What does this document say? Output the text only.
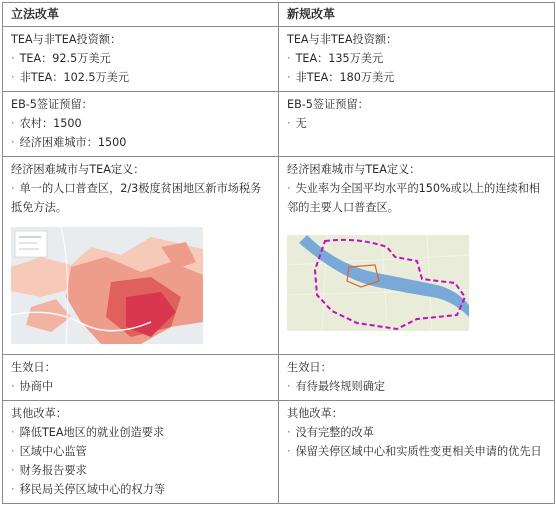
立法改革	新规改革

TEA与非TEA投资额：
· TEA：92.5万美元
· 非TEA：102.5万美元	TEA与非TEA投资额：
· TEA：135万美元
· 非TEA：180万美元

EB-5签证预留：
· 农村：1500
· 经济困难城市：1500	EB-5签证预留：
· 无

经济困难城市与TEA定义：
· 单一的人口普查区，2/3极度贫困地区新市场税务抵免方法。	经济困难城市与TEA定义：
· 失业率为全国平均水平的150%或以上的连续和相邻的主要人口普查区。

生效日：
· 协商中	生效日：
· 有待最终规则确定

其他改革：
· 降低TEA地区的就业创造要求
· 区域中心监管
· 财务报告要求
· 移民局关停区域中心的权力等	其他改革：
· 没有完整的改革
· 保留关停区域中心和实质性变更相关申请的优先日
